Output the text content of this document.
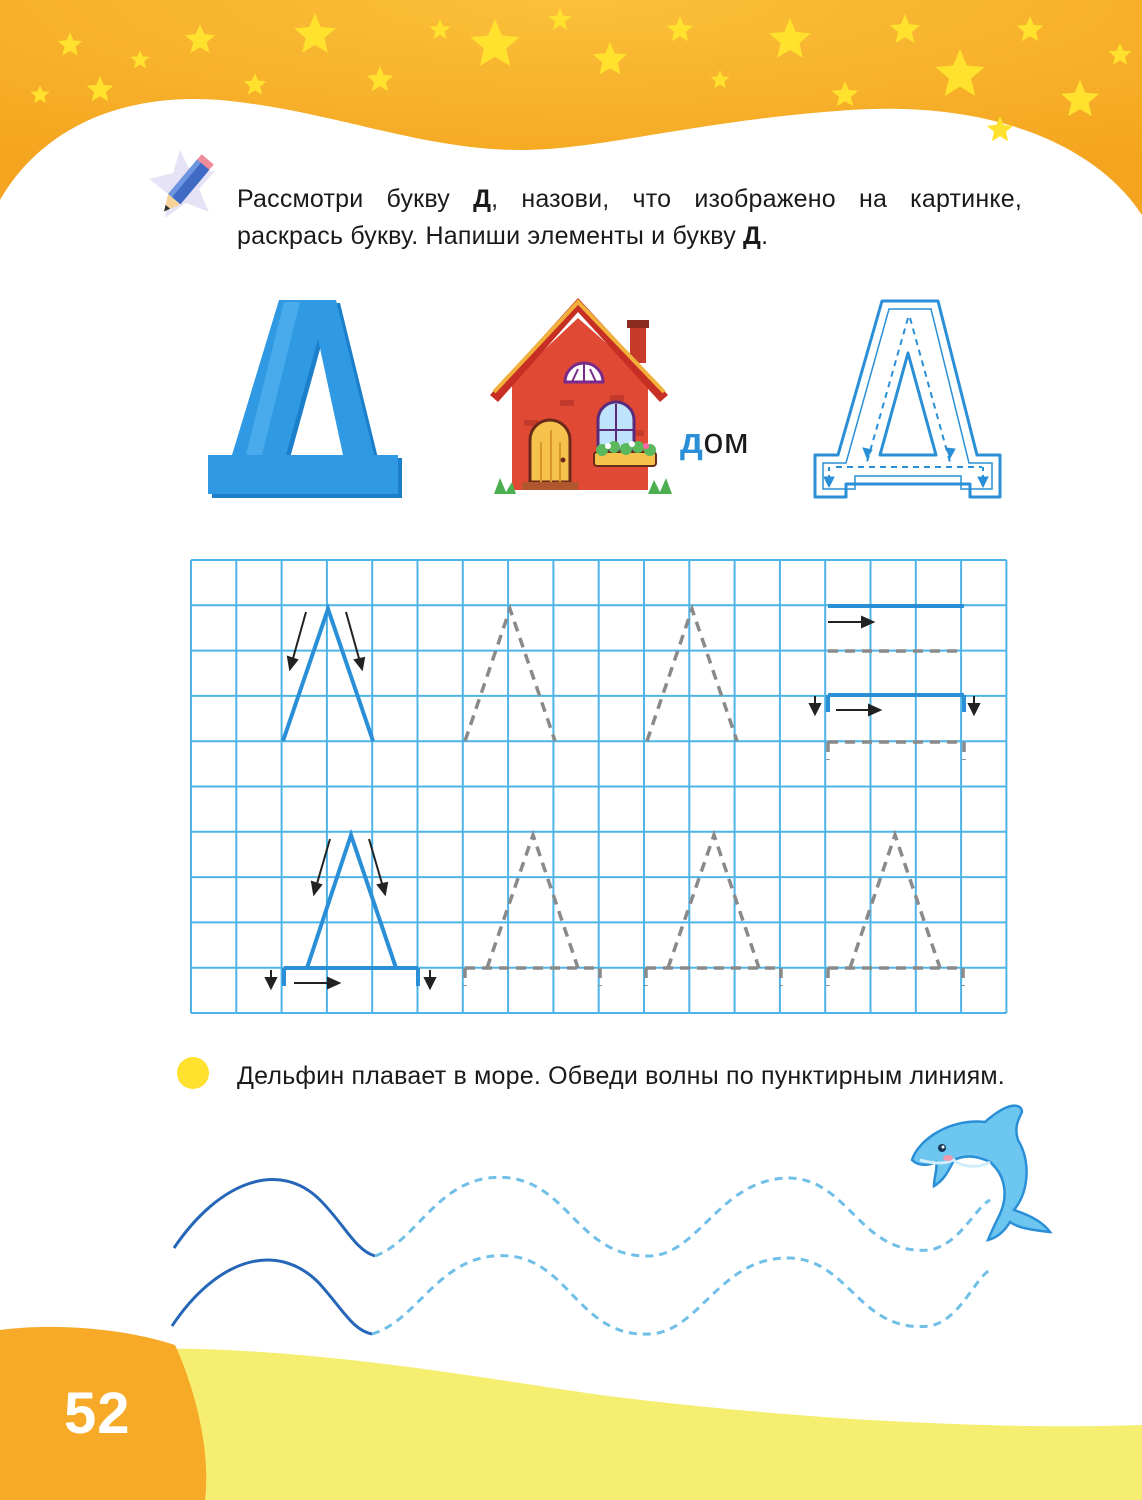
Рассмотри букву Д, назови, что изображено на картинке, раскрась букву. Напиши элементы и букву Д.
дом
Дельфин плавает в море. Обведи волны по пунктирным линиям.
52
